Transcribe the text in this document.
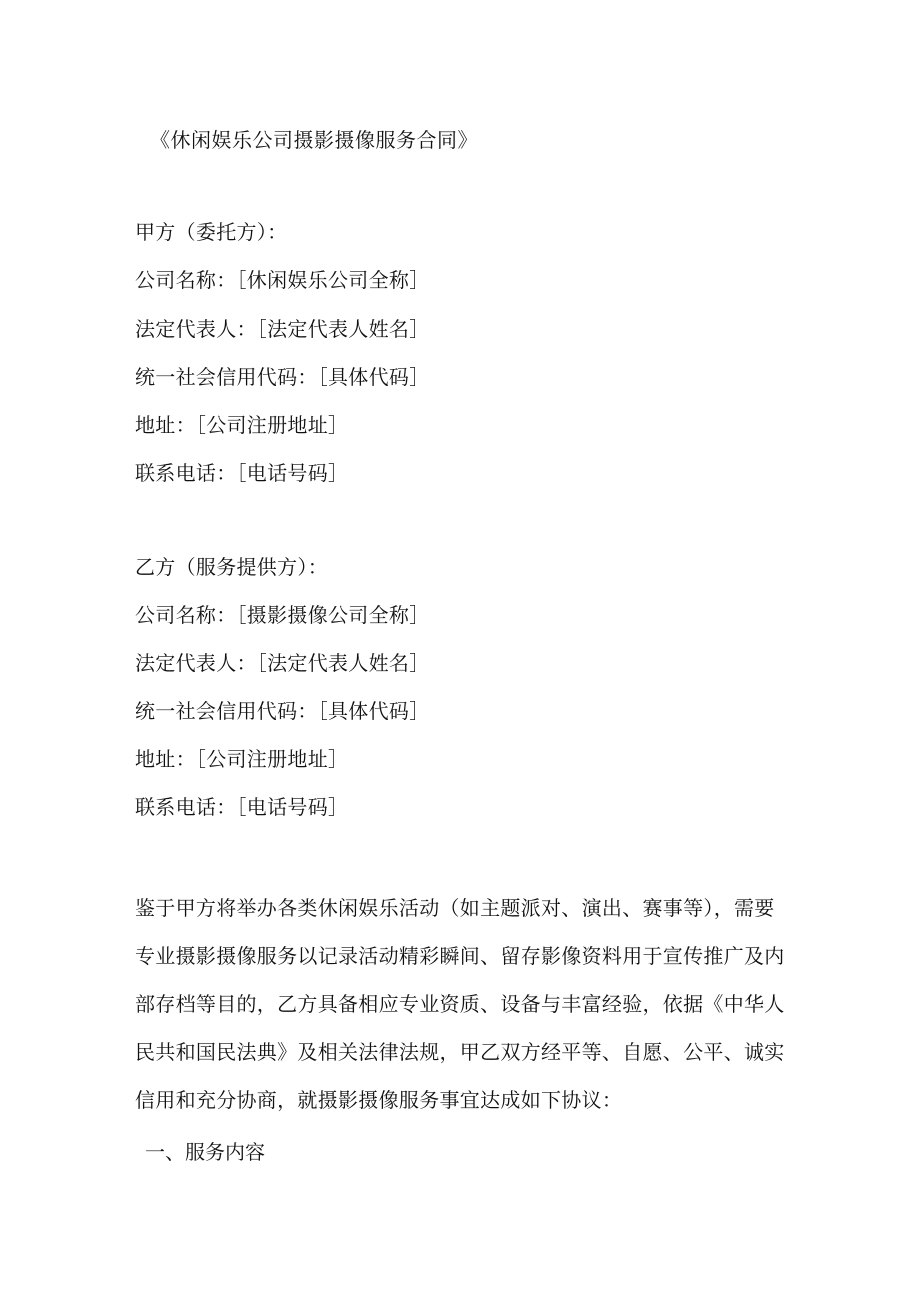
《休闲娱乐公司摄影摄像服务合同》
甲方（委托方）：
公司名称：［休闲娱乐公司全称］
法定代表人：［法定代表人姓名］
统一社会信用代码：［具体代码］
地址：［公司注册地址］
联系电话：［电话号码］
乙方（服务提供方）：
公司名称：［摄影摄像公司全称］
法定代表人：［法定代表人姓名］
统一社会信用代码：［具体代码］
地址：［公司注册地址］
联系电话：［电话号码］
鉴于甲方将举办各类休闲娱乐活动（如主题派对、演出、赛事等），需要
专业摄影摄像服务以记录活动精彩瞬间、留存影像资料用于宣传推广及内
部存档等目的，乙方具备相应专业资质、设备与丰富经验，依据《中华人
民共和国民法典》及相关法律法规，甲乙双方经平等、自愿、公平、诚实
信用和充分协商，就摄影摄像服务事宜达成如下协议：
一、服务内容
